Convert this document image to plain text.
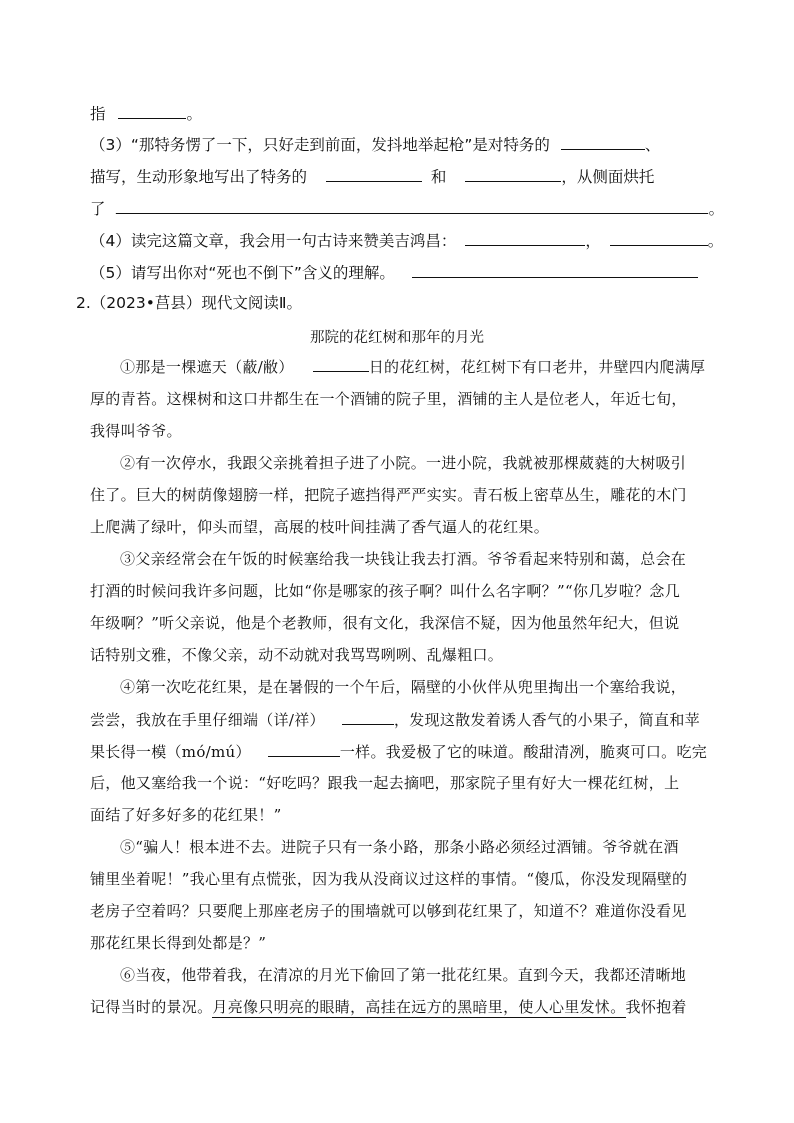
指	。
（3）“那特务愣了一下，只好走到前面，发抖地举起枪”是对特务的	、
描写，生动形象地写出了特务的	和	，从侧面烘托
了	。
（4）读完这篇文章，我会用一句古诗来赞美吉鸿昌：	，	。
（5）请写出你对“死也不倒下”含义的理解。
2.（2023•莒县）现代文阅读Ⅱ。
那院的花红树和那年的月光
①那是一棵遮天（蔽/敝）	日的花红树，花红树下有口老井，井壁四内爬满厚
厚的青苔。这棵树和这口井都生在一个酒铺的院子里，酒铺的主人是位老人，年近七旬，
我得叫爷爷。
②有一次停水，我跟父亲挑着担子进了小院。一进小院，我就被那棵葳蕤的大树吸引
住了。巨大的树荫像翅膀一样，把院子遮挡得严严实实。青石板上密草丛生，雕花的木门
上爬满了绿叶，仰头而望，高展的枝叶间挂满了香气逼人的花红果。
③父亲经常会在午饭的时候塞给我一块钱让我去打酒。爷爷看起来特别和蔼，总会在
打酒的时候问我许多问题，比如“你是哪家的孩子啊？叫什么名字啊？”“你几岁啦？念几
年级啊？”听父亲说，他是个老教师，很有文化，我深信不疑，因为他虽然年纪大，但说
话特别文雅，不像父亲，动不动就对我骂骂咧咧、乱爆粗口。
④第一次吃花红果，是在暑假的一个午后，隔壁的小伙伴从兜里掏出一个塞给我说，
尝尝，我放在手里仔细端（详/祥）	，发现这散发着诱人香气的小果子，简直和苹
果长得一模（mó/mú）	一样。我爱极了它的味道。酸甜清冽，脆爽可口。吃完
后，他又塞给我一个说：“好吃吗？跟我一起去摘吧，那家院子里有好大一棵花红树，上
面结了好多好多的花红果！”
⑤“骗人！根本进不去。进院子只有一条小路，那条小路必须经过酒铺。爷爷就在酒
铺里坐着呢！”我心里有点慌张，因为我从没商议过这样的事情。“傻瓜，你没发现隔壁的
老房子空着吗？只要爬上那座老房子的围墙就可以够到花红果了，知道不？难道你没看见
那花红果长得到处都是？”
⑥当夜，他带着我，在清凉的月光下偷回了第一批花红果。直到今天，我都还清晰地
记得当时的景况。月亮像只明亮的眼睛，高挂在远方的黑暗里，使人心里发怵。我怀抱着
